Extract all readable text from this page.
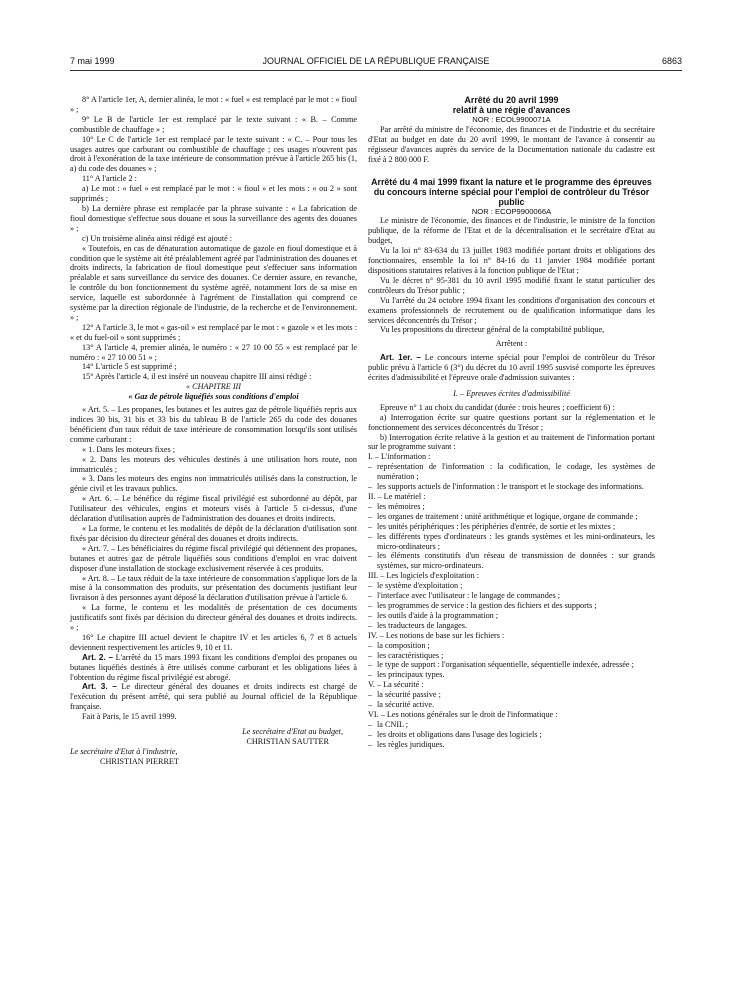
7 mai 1999	JOURNAL OFFICIEL DE LA RÉPUBLIQUE FRANÇAISE	6863

8° A l'article 1er, A, dernier alinéa, le mot : « fuel » est remplacé par le mot : « fioul » ;

9° Le B de l'article 1er est remplacé par le texte suivant : « B. – Comme combustible de chauffage » ;

10° Le C de l'article 1er est remplacé par le texte suivant : « C. – Pour tous les usages autres que carburant ou combustible de chauffage ; ces usages n'ouvrent pas droit à l'exonération de la taxe intérieure de consommation prévue à l'article 265 bis (1, a) du code des douanes » ;

11° A l'article 2 :

a) Le mot : « fuel » est remplacé par le mot : « fioul » et les mots : « ou 2 » sont supprimés ;

b) La dernière phrase est remplacée par la phrase suivante : « La fabrication de fioul domestique s'effectue sous douane et sous la surveillance des agents des douanes » ;

c) Un troisième alinéa ainsi rédigé est ajouté :

« Toutefois, en cas de dénaturation automatique de gazole en fioul domestique et à condition que le système ait été préalablement agréé par l'administration des douanes et droits indirects, la fabrication de fioul domestique peut s'effectuer sans information préalable et sans surveillance du service des douanes. Ce dernier assure, en revanche, le contrôle du bon fonctionnement du système agréé, notamment lors de sa mise en service, laquelle est subordonnée à l'agrément de l'installation qui comprend ce système par la direction régionale de l'industrie, de la recherche et de l'environnement. » ;

12° A l'article 3, le mot « gas-oil » est remplacé par le mot : « gazole » et les mots : « et du fuel-oil » sont supprimés ;

13° A l'article 4, premier alinéa, le numéro : « 27 10 00 55 » est remplacé par le numéro : « 27 10 00 51 » ;

14° L'article 5 est supprimé ;

15° Après l'article 4, il est inséré un nouveau chapitre III ainsi rédigé :

« CHAPITRE III

« Gaz de pétrole liquéfiés sous conditions d'emploi

« Art. 5. – Les propanes, les butanes et les autres gaz de pétrole liquéfiés repris aux indices 30 bis, 31 bis et 33 bis du tableau B de l'article 265 du code des douanes bénéficient d'un taux réduit de taxe intérieure de consommation lorsqu'ils sont utilisés comme carburant :

« 1. Dans les moteurs fixes ;

« 2. Dans les moteurs des véhicules destinés à une utilisation hors route, non immatriculés ;

« 3. Dans les moteurs des engins non immatriculés utilisés dans la construction, le génie civil et les travaux publics.

« Art. 6. – Le bénéfice du régime fiscal privilégié est subordonné au dépôt, par l'utilisateur des véhicules, engins et moteurs visés à l'article 5 ci-dessus, d'une déclaration d'utilisation auprès de l'administration des douanes et droits indirects.

« La forme, le contenu et les modalités de dépôt de la déclaration d'utilisation sont fixés par décision du directeur général des douanes et droits indirects.

« Art. 7. – Les bénéficiaires du régime fiscal privilégié qui détiennent des propanes, butanes et autres gaz de pétrole liquéfiés sous conditions d'emploi en vrac doivent disposer d'une installation de stockage exclusivement réservée à ces produits.

« Art. 8. – Le taux réduit de la taxe intérieure de consommation s'applique lors de la mise à la consommation des produits, sur présentation des documents justifiant leur livraison à des personnes ayant déposé la déclaration d'utilisation prévue à l'article 6.

« La forme, le contenu et les modalités de présentation de ces documents justificatifs sont fixés par décision du directeur général des douanes et droits indirects. » ;

16° Le chapitre III actuel devient le chapitre IV et les articles 6, 7 et 8 actuels deviennent respectivement les articles 9, 10 et 11.

Art. 2. – L'arrêté du 15 mars 1993 fixant les conditions d'emploi des propanes ou butanes liquéfiés destinés à être utilisés comme carburant et les obligations liées à l'obtention du régime fiscal privilégié est abrogé.

Art. 3. – Le directeur général des douanes et droits indirects est chargé de l'exécution du présent arrêté, qui sera publié au Journal officiel de la République française.

Fait à Paris, le 15 avril 1999.

Le secrétaire d'Etat au budget,

CHRISTIAN SAUTTER

Le secrétaire d'Etat à l'industrie,

CHRISTIAN PIERRET

Arrêté du 20 avril 1999

relatif à une régie d'avances

NOR : ECOL9900071A

Par arrêté du ministre de l'économie, des finances et de l'industrie et du secrétaire d'Etat au budget en date du 20 avril 1999, le montant de l'avance à consentir au régisseur d'avances auprès du service de la Documentation nationale du cadastre est fixé à 2 800 000 F.

Arrêté du 4 mai 1999 fixant la nature et le programme des épreuves du concours interne spécial pour l'emploi de contrôleur du Trésor public

NOR : ECOP9900066A

Le ministre de l'économie, des finances et de l'industrie, le ministre de la fonction publique, de la réforme de l'Etat et de la décentralisation et le secrétaire d'Etat au budget,

Vu la loi n° 83-634 du 13 juillet 1983 modifiée portant droits et obligations des fonctionnaires, ensemble la loi n° 84-16 du 11 janvier 1984 modifiée portant dispositions statutaires relatives à la fonction publique de l'Etat ;

Vu le décret n° 95-381 du 10 avril 1995 modifié fixant le statut particulier des contrôleurs du Trésor public ;

Vu l'arrêté du 24 octobre 1994 fixant les conditions d'organisation des concours et examens professionnels de recrutement ou de qualification informatique dans les services déconcentrés du Trésor ;

Vu les propositions du directeur général de la comptabilité publique,

Arrêtent :

Art. 1er. – Le concours interne spécial pour l'emploi de contrôleur du Trésor public prévu à l'article 6 (3°) du décret du 10 avril 1995 susvisé comporte les épreuves écrites d'admissibilité et l'épreuve orale d'admission suivantes :

I. – Epreuves écrites d'admissibilité

Epreuve n° 1 au choix du candidat (durée : trois heures ; coefficient 6) :

a) Interrogation écrite sur quatre questions portant sur la réglementation et le fonctionnement des services déconcentrés du Trésor ;

b) Interrogation écrite relative à la gestion et au traitement de l'information portant sur le programme suivant :

I. – L'information :

– représentation de l'information : la codification, le codage, les systèmes de numération ;

– les supports actuels de l'information : le transport et le stockage des informations.

II. – Le matériel :

– les mémoires ;

– les organes de traitement : unité arithmétique et logique, organe de commande ;

– les unités périphériques : les périphéries d'entrée, de sortie et les mixtes ;

– les différents types d'ordinateurs : les grands systèmes et les mini-ordinateurs, les micro-ordinateurs ;

– les éléments constitutifs d'un réseau de transmission de données : sur grands systèmes, sur micro-ordinateurs.

III. – Les logiciels d'exploitation :

– le système d'exploitation ;

– l'interface avec l'utilisateur : le langage de commandes ;

– les programmes de service : la gestion des fichiers et des supports ;

– les outils d'aide à la programmation ;

– les traducteurs de langages.

IV. – Les notions de base sur les fichiers :

– la composition ;

– les caractéristiques ;

– le type de support : l'organisation séquentielle, séquentielle indexée, adressée ;

– les principaux types.

V. – La sécurité :

– la sécurité passive ;

– la sécurité active.

VI. – Les notions générales sur le droit de l'informatique :

– la CNIL ;

– les droits et obligations dans l'usage des logiciels ;

– les règles juridiques.
